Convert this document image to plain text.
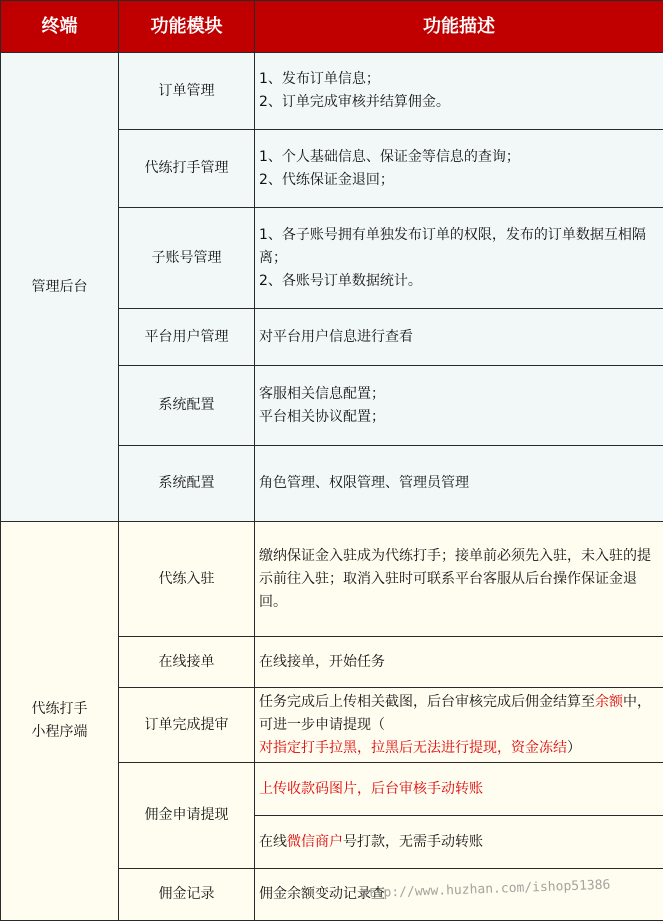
终端	功能模块	功能描述

管理后台	订单管理	1、发布订单信息；
2、订单完成审核并结算佣金。

	代练打手管理	1、个人基础信息、保证金等信息的查询；
2、代练保证金退回；

	子账号管理	1、各子账号拥有单独发布订单的权限，发布的订单数据互相隔离；
2、各账号订单数据统计。

	平台用户管理	对平台用户信息进行查看

	系统配置	客服相关信息配置；
平台相关协议配置；

	系统配置	角色管理、权限管理、管理员管理

代练打手
小程序端	代练入驻	缴纳保证金入驻成为代练打手；接单前必须先入驻，未入驻的提示前往入驻；取消入驻时可联系平台客服从后台操作保证金退回。

	在线接单	在线接单，开始任务

	订单完成提审	任务完成后上传相关截图，后台审核完成后佣金结算至余额中，可进一步申请提现（
对指定打手拉黑，拉黑后无法进行提现，资金冻结）
	佣金申请提现	上传收款码图片，后台审核手动转账
		在线微信商户号打款，无需手动转账
	佣金记录	佣金余额变动记录查
http://www.huzhan.com/ishop51386
